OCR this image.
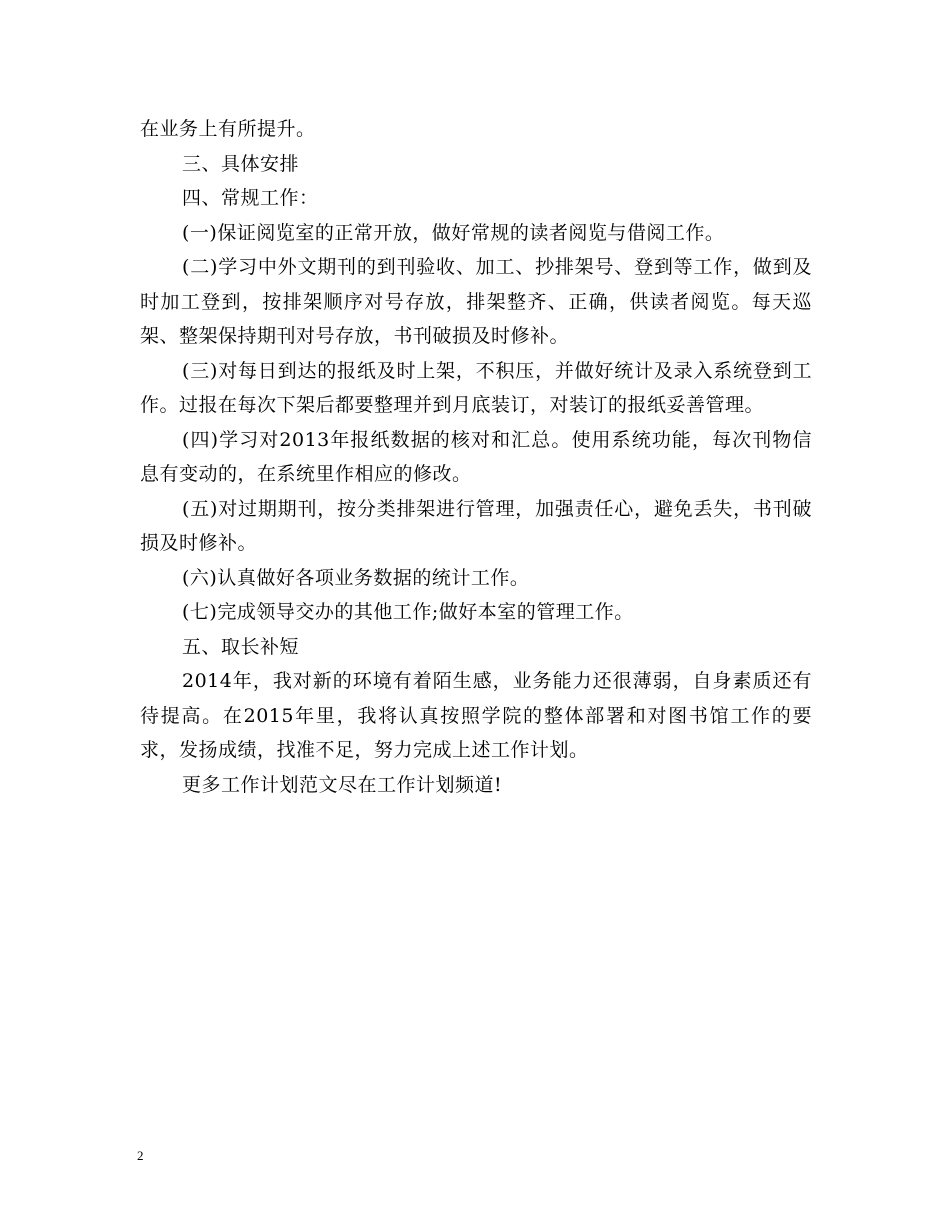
在业务上有所提升。

三、具体安排

四、常规工作：

(一)保证阅览室的正常开放，做好常规的读者阅览与借阅工作。

(二)学习中外文期刊的到刊验收、加工、抄排架号、登到等工作，做到及时加工登到，按排架顺序对号存放，排架整齐、正确，供读者阅览。每天巡架、整架保持期刊对号存放，书刊破损及时修补。

(三)对每日到达的报纸及时上架，不积压，并做好统计及录入系统登到工作。过报在每次下架后都要整理并到月底装订，对装订的报纸妥善管理。

(四)学习对2013年报纸数据的核对和汇总。使用系统功能，每次刊物信息有变动的，在系统里作相应的修改。

(五)对过期期刊，按分类排架进行管理，加强责任心，避免丢失，书刊破损及时修补。

(六)认真做好各项业务数据的统计工作。

(七)完成领导交办的其他工作;做好本室的管理工作。

五、取长补短

2014年，我对新的环境有着陌生感，业务能力还很薄弱，自身素质还有待提高。在2015年里，我将认真按照学院的整体部署和对图书馆工作的要求，发扬成绩，找准不足，努力完成上述工作计划。

更多工作计划范文尽在工作计划频道!

2
